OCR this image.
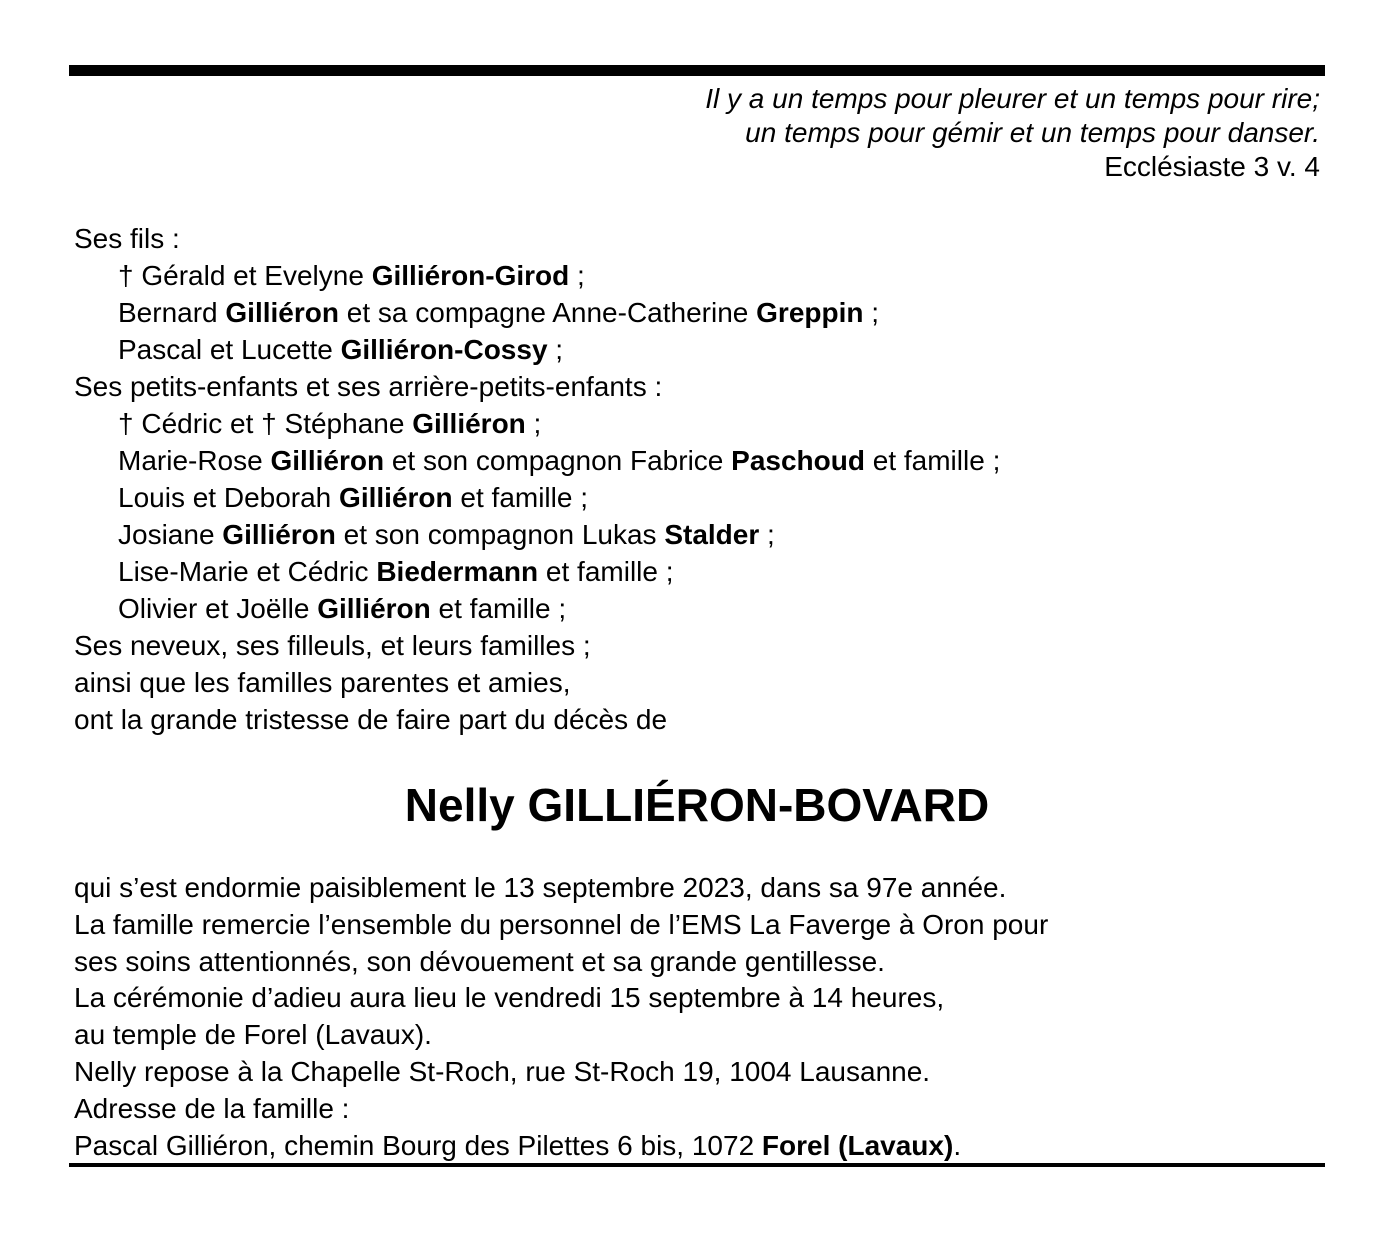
Il y a un temps pour pleurer et un temps pour rire;
un temps pour gémir et un temps pour danser.
Ecclésiaste 3 v. 4
Ses fils :
† Gérald et Evelyne Gilliéron-Girod ;
Bernard Gilliéron et sa compagne Anne-Catherine Greppin ;
Pascal et Lucette Gilliéron-Cossy ;
Ses petits-enfants et ses arrière-petits-enfants :
† Cédric et † Stéphane Gilliéron ;
Marie-Rose Gilliéron et son compagnon Fabrice Paschoud et famille ;
Louis et Deborah Gilliéron et famille ;
Josiane Gilliéron et son compagnon Lukas Stalder ;
Lise-Marie et Cédric Biedermann et famille ;
Olivier et Joëlle Gilliéron et famille ;
Ses neveux, ses filleuls, et leurs familles ;
ainsi que les familles parentes et amies,
ont la grande tristesse de faire part du décès de
Nelly GILLIÉRON-BOVARD
qui s’est endormie paisiblement le 13 septembre 2023, dans sa 97e année.
La famille remercie l’ensemble du personnel de l’EMS La Faverge à Oron pour
ses soins attentionnés, son dévouement et sa grande gentillesse.
La cérémonie d’adieu aura lieu le vendredi 15 septembre à 14 heures,
au temple de Forel (Lavaux).
Nelly repose à la Chapelle St-Roch, rue St-Roch 19, 1004 Lausanne.
Adresse de la famille :
Pascal Gilliéron, chemin Bourg des Pilettes 6 bis, 1072 Forel (Lavaux).
